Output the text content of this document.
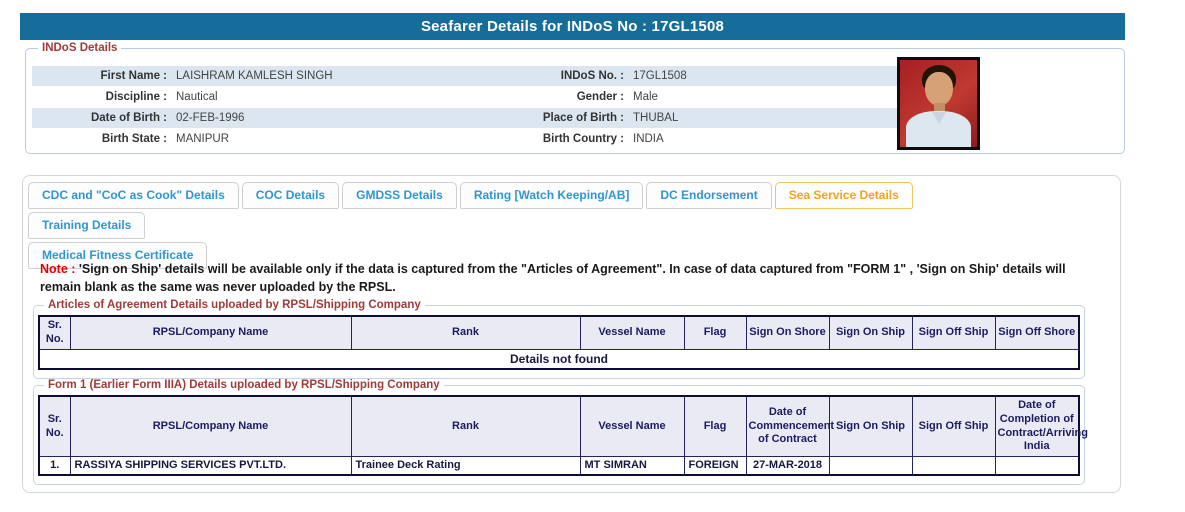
Seafarer Details for INDoS No : 17GL1508
INDoS Details
First Name : LAISHRAM KAMLESH SINGH	INDoS No. : 17GL1508
Discipline : Nautical	Gender : Male
Date of Birth : 02-FEB-1996	Place of Birth : THUBAL
Birth State : MANIPUR	Birth Country : INDIA
CDC and "CoC as Cook" Details	COC Details	GMDSS Details	Rating [Watch Keeping/AB]	DC Endorsement	Sea Service DetailsTraining Details
Medical Fitness Certificate
Note : 'Sign on Ship' details will be available only if the data is captured from the "Articles of Agreement". In case of data captured from "FORM 1" , 'Sign on Ship' details will remain blank as the same was never uploaded by the RPSL.
Articles of Agreement Details uploaded by RPSL/Shipping Company
Sr. No.	RPSL/Company Name	Rank	Vessel Name	Flag	Sign On Shore	Sign On Ship	Sign Off Ship	Sign Off Shore
Details not found
Form 1 (Earlier Form IIIA) Details uploaded by RPSL/Shipping Company
Sr. No.	RPSL/Company Name	Rank	Vessel Name	Flag	Date of Commencement of Contract	Sign On Ship	Sign Off Ship	Date of Completion of Contract/Arriving India
1.	RASSIYA SHIPPING SERVICES PVT.LTD.	Trainee Deck Rating	MT SIMRAN	FOREIGN	27-MAR-2018			
